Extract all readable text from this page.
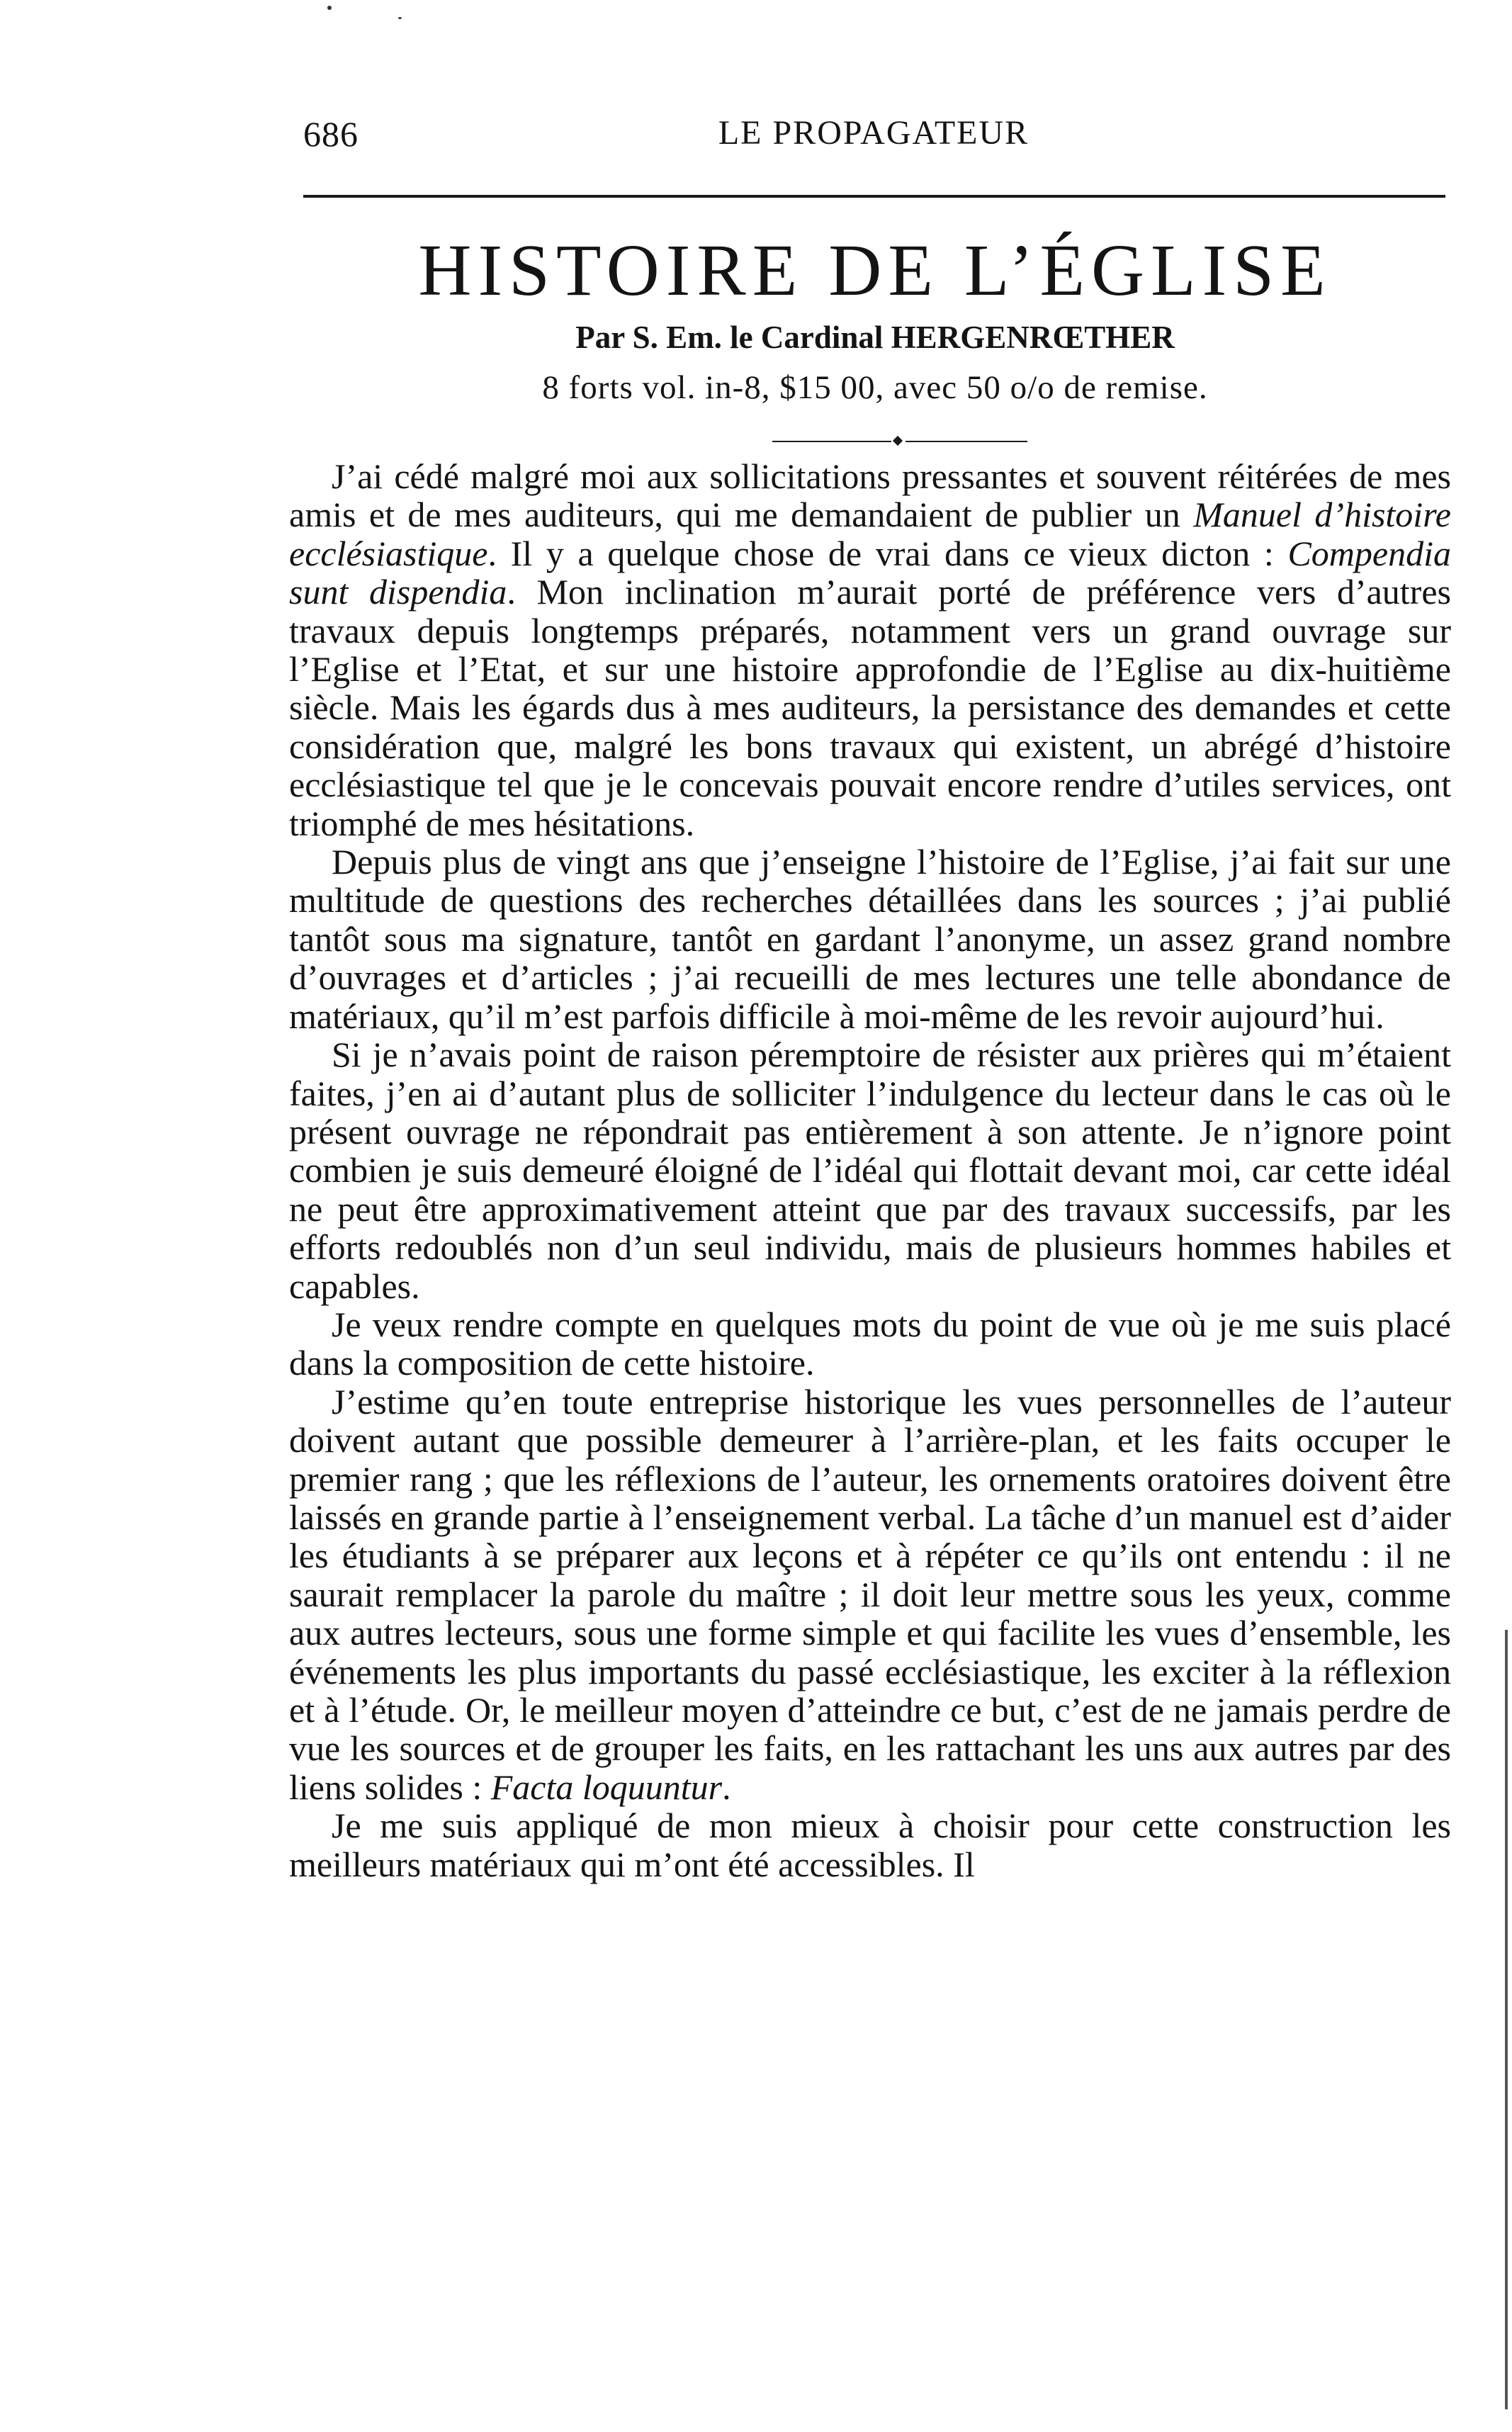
686	LE PROPAGATEUR
HISTOIRE DE L’ÉGLISE
Par S. Em. le Cardinal HERGENRŒTHER
8 forts vol. in-8, $15 00, avec 50 o/o de remise.

J’ai cédé malgré moi aux sollicitations pressantes et souvent réitérées de mes amis et de mes auditeurs, qui me demandaient de publier un Manuel d’histoire ecclésiastique. Il y a quelque chose de vrai dans ce vieux dicton : Compendia sunt dispendia. Mon inclination m’aurait porté de préférence vers d’autres travaux depuis longtemps préparés, notamment vers un grand ouvrage sur l’Eglise et l’Etat, et sur une histoire approfondie de l’Eglise au dix-huitième siècle. Mais les égards dus à mes auditeurs, la persistance des demandes et cette considération que, malgré les bons travaux qui existent, un abrégé d’histoire ecclésiastique tel que je le concevais pouvait encore rendre d’utiles services, ont triomphé de mes hésitations.

Depuis plus de vingt ans que j’enseigne l’histoire de l’Eglise, j’ai fait sur une multitude de questions des recherches détaillées dans les sources ; j’ai publié tantôt sous ma signature, tantôt en gardant l’anonyme, un assez grand nombre d’ouvrages et d’articles ; j’ai recueilli de mes lectures une telle abondance de matériaux, qu’il m’est parfois difficile à moi-même de les revoir aujourd’hui.

Si je n’avais point de raison péremptoire de résister aux prières qui m’étaient faites, j’en ai d’autant plus de solliciter l’indulgence du lecteur dans le cas où le présent ouvrage ne répondrait pas entièrement à son attente. Je n’ignore point combien je suis demeuré éloigné de l’idéal qui flottait devant moi, car cette idéal ne peut être approximativement atteint que par des travaux successifs, par les efforts redoublés non d’un seul individu, mais de plusieurs hommes habiles et capables.

Je veux rendre compte en quelques mots du point de vue où je me suis placé dans la composition de cette histoire.

J’estime qu’en toute entreprise historique les vues personnelles de l’auteur doivent autant que possible demeurer à l’arrière-plan, et les faits occuper le premier rang ; que les réflexions de l’auteur, les ornements oratoires doivent être laissés en grande partie à l’enseignement verbal. La tâche d’un manuel est d’aider les étudiants à se préparer aux leçons et à répéter ce qu’ils ont entendu : il ne saurait remplacer la parole du maître ; il doit leur mettre sous les yeux, comme aux autres lecteurs, sous une forme simple et qui facilite les vues d’ensemble, les événements les plus importants du passé ecclésiastique, les exciter à la réflexion et à l’étude. Or, le meilleur moyen d’atteindre ce but, c’est de ne jamais perdre de vue les sources et de grouper les faits, en les rattachant les uns aux autres par des liens solides : Facta loquuntur.

Je me suis appliqué de mon mieux à choisir pour cette construction les meilleurs matériaux qui m’ont été accessibles. Il
